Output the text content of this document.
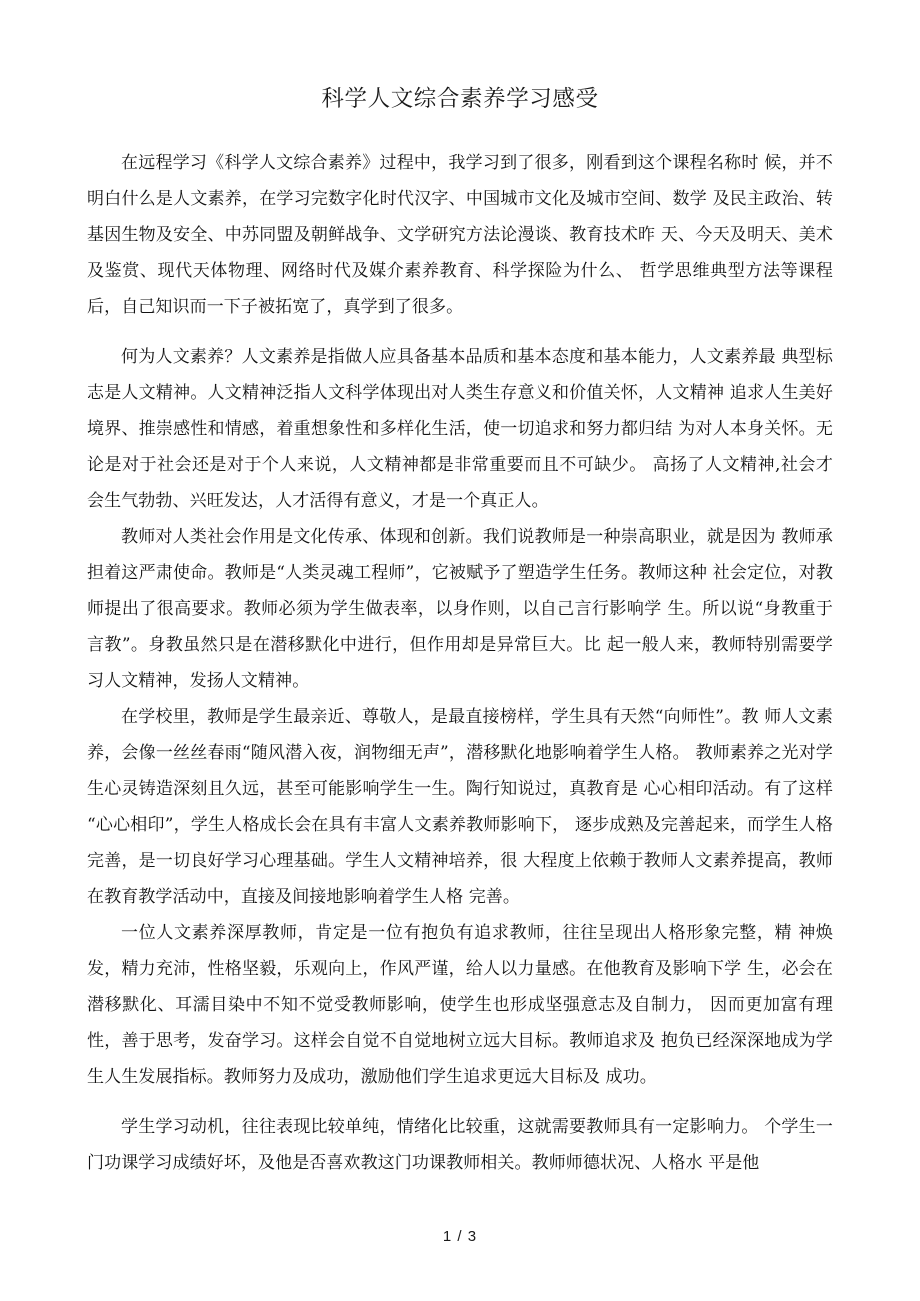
科学人文综合素养学习感受

在远程学习《科学人文综合素养》过程中，我学习到了很多，刚看到这个课程名称时 候，并不明白什么是人文素养，在学习完数字化时代汉字、中国城市文化及城市空间、数学 及民主政治、转基因生物及安全、中苏同盟及朝鲜战争、文学研究方法论漫谈、教育技术昨 天、今天及明天、美术及鉴赏、现代天体物理、网络时代及媒介素养教育、科学探险为什么、 哲学思维典型方法等课程后，自己知识而一下子被拓宽了，真学到了很多。

何为人文素养？人文素养是指做人应具备基本品质和基本态度和基本能力，人文素养最 典型标志是人文精神。人文精神泛指人文科学体现出对人类生存意义和价值关怀，人文精神 追求人生美好境界、推崇感性和情感，着重想象性和多样化生活，使一切追求和努力都归结 为对人本身关怀。无论是对于社会还是对于个人来说，人文精神都是非常重要而且不可缺少。 高扬了人文精神,社会才会生气勃勃、兴旺发达，人才活得有意义，才是一个真正人。

教师对人类社会作用是文化传承、体现和创新。我们说教师是一种崇高职业，就是因为 教师承担着这严肃使命。教师是“人类灵魂工程师”，它被赋予了塑造学生任务。教师这种 社会定位，对教师提出了很高要求。教师必须为学生做表率，以身作则，以自己言行影响学 生。所以说“身教重于言教”。身教虽然只是在潜移默化中进行，但作用却是异常巨大。比 起一般人来，教师特别需要学习人文精神，发扬人文精神。

在学校里，教师是学生最亲近、尊敬人，是最直接榜样，学生具有天然“向师性”。教 师人文素养，会像一丝丝春雨“随风潜入夜，润物细无声”，潜移默化地影响着学生人格。 教师素养之光对学生心灵铸造深刻且久远，甚至可能影响学生一生。陶行知说过，真教育是 心心相印活动。有了这样“心心相印”，学生人格成长会在具有丰富人文素养教师影响下， 逐步成熟及完善起来，而学生人格完善，是一切良好学习心理基础。学生人文精神培养，很 大程度上依赖于教师人文素养提高，教师在教育教学活动中，直接及间接地影响着学生人格 完善。

一位人文素养深厚教师，肯定是一位有抱负有追求教师，往往呈现出人格形象完整，精 神焕发，精力充沛，性格坚毅，乐观向上，作风严谨，给人以力量感。在他教育及影响下学 生，必会在潜移默化、耳濡目染中不知不觉受教师影响，使学生也形成坚强意志及自制力， 因而更加富有理性，善于思考，发奋学习。这样会自觉不自觉地树立远大目标。教师追求及 抱负已经深深地成为学生人生发展指标。教师努力及成功，激励他们学生追求更远大目标及 成功。

学生学习动机，往往表现比较单纯，情绪化比较重，这就需要教师具有一定影响力。 个学生一门功课学习成绩好坏，及他是否喜欢教这门功课教师相关。教师师德状况、人格水 平是他

1 / 3
